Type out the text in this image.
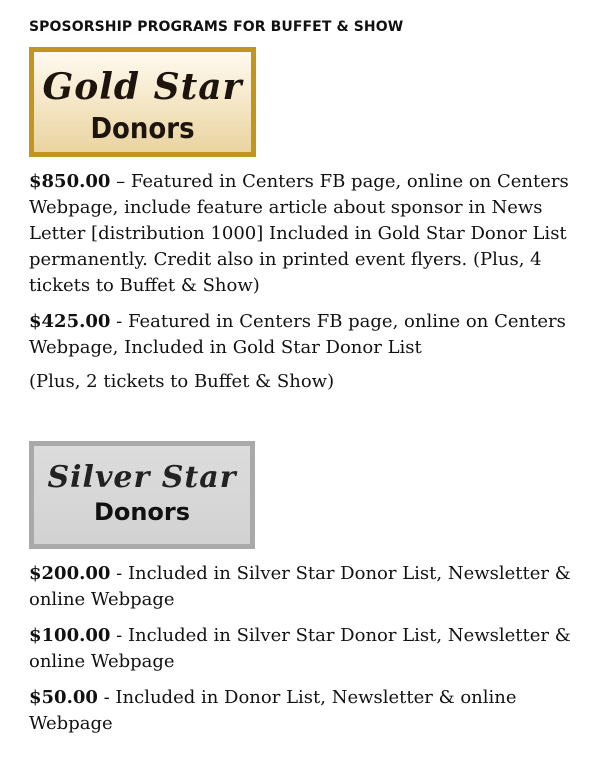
SPOSORSHIP PROGRAMS FOR BUFFET & SHOW
Gold Star
Donors
$850.00 – Featured in Centers FB page, online on Centers Webpage, include feature article about sponsor in News Letter [distribution 1000] Included in Gold Star Donor List permanently. Credit also in printed event flyers. (Plus, 4 tickets to Buffet & Show)
$425.00 - Featured in Centers FB page, online on Centers Webpage, Included in Gold Star Donor List
(Plus, 2 tickets to Buffet & Show)
Silver Star
Donors
$200.00 - Included in Silver Star Donor List, Newsletter & online Webpage
$100.00 - Included in Silver Star Donor List, Newsletter & online Webpage
$50.00 - Included in Donor List, Newsletter & online Webpage
